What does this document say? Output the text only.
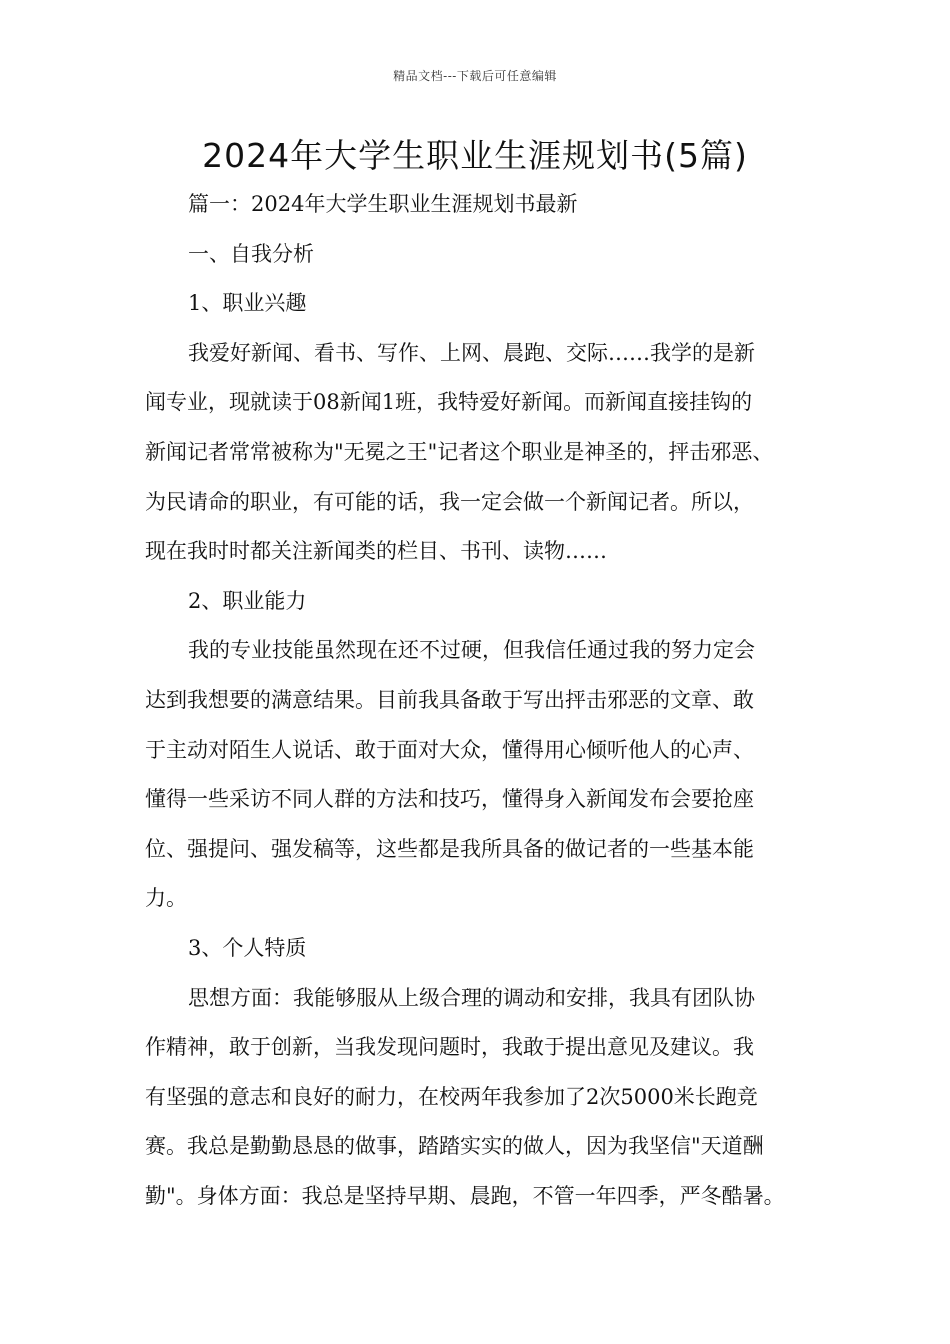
精品文档---下载后可任意编辑
2024年大学生职业生涯规划书(5篇)
篇一：2024年大学生职业生涯规划书最新
一、自我分析
1、职业兴趣
我爱好新闻、看书、写作、上网、晨跑、交际……我学的是新
闻专业，现就读于08新闻1班，我特爱好新闻。而新闻直接挂钩的
新闻记者常常被称为"无冕之王"记者这个职业是神圣的，抨击邪恶、
为民请命的职业，有可能的话，我一定会做一个新闻记者。所以，
现在我时时都关注新闻类的栏目、书刊、读物……
2、职业能力
我的专业技能虽然现在还不过硬，但我信任通过我的努力定会
达到我想要的满意结果。目前我具备敢于写出抨击邪恶的文章、敢
于主动对陌生人说话、敢于面对大众，懂得用心倾听他人的心声、
懂得一些采访不同人群的方法和技巧，懂得身入新闻发布会要抢座
位、强提问、强发稿等，这些都是我所具备的做记者的一些基本能
力。
3、个人特质
思想方面：我能够服从上级合理的调动和安排，我具有团队协
作精神，敢于创新，当我发现问题时，我敢于提出意见及建议。我
有坚强的意志和良好的耐力，在校两年我参加了2次5000米长跑竞
赛。我总是勤勤恳恳的做事，踏踏实实的做人，因为我坚信"天道酬
勤"。身体方面：我总是坚持早期、晨跑，不管一年四季，严冬酷暑。
